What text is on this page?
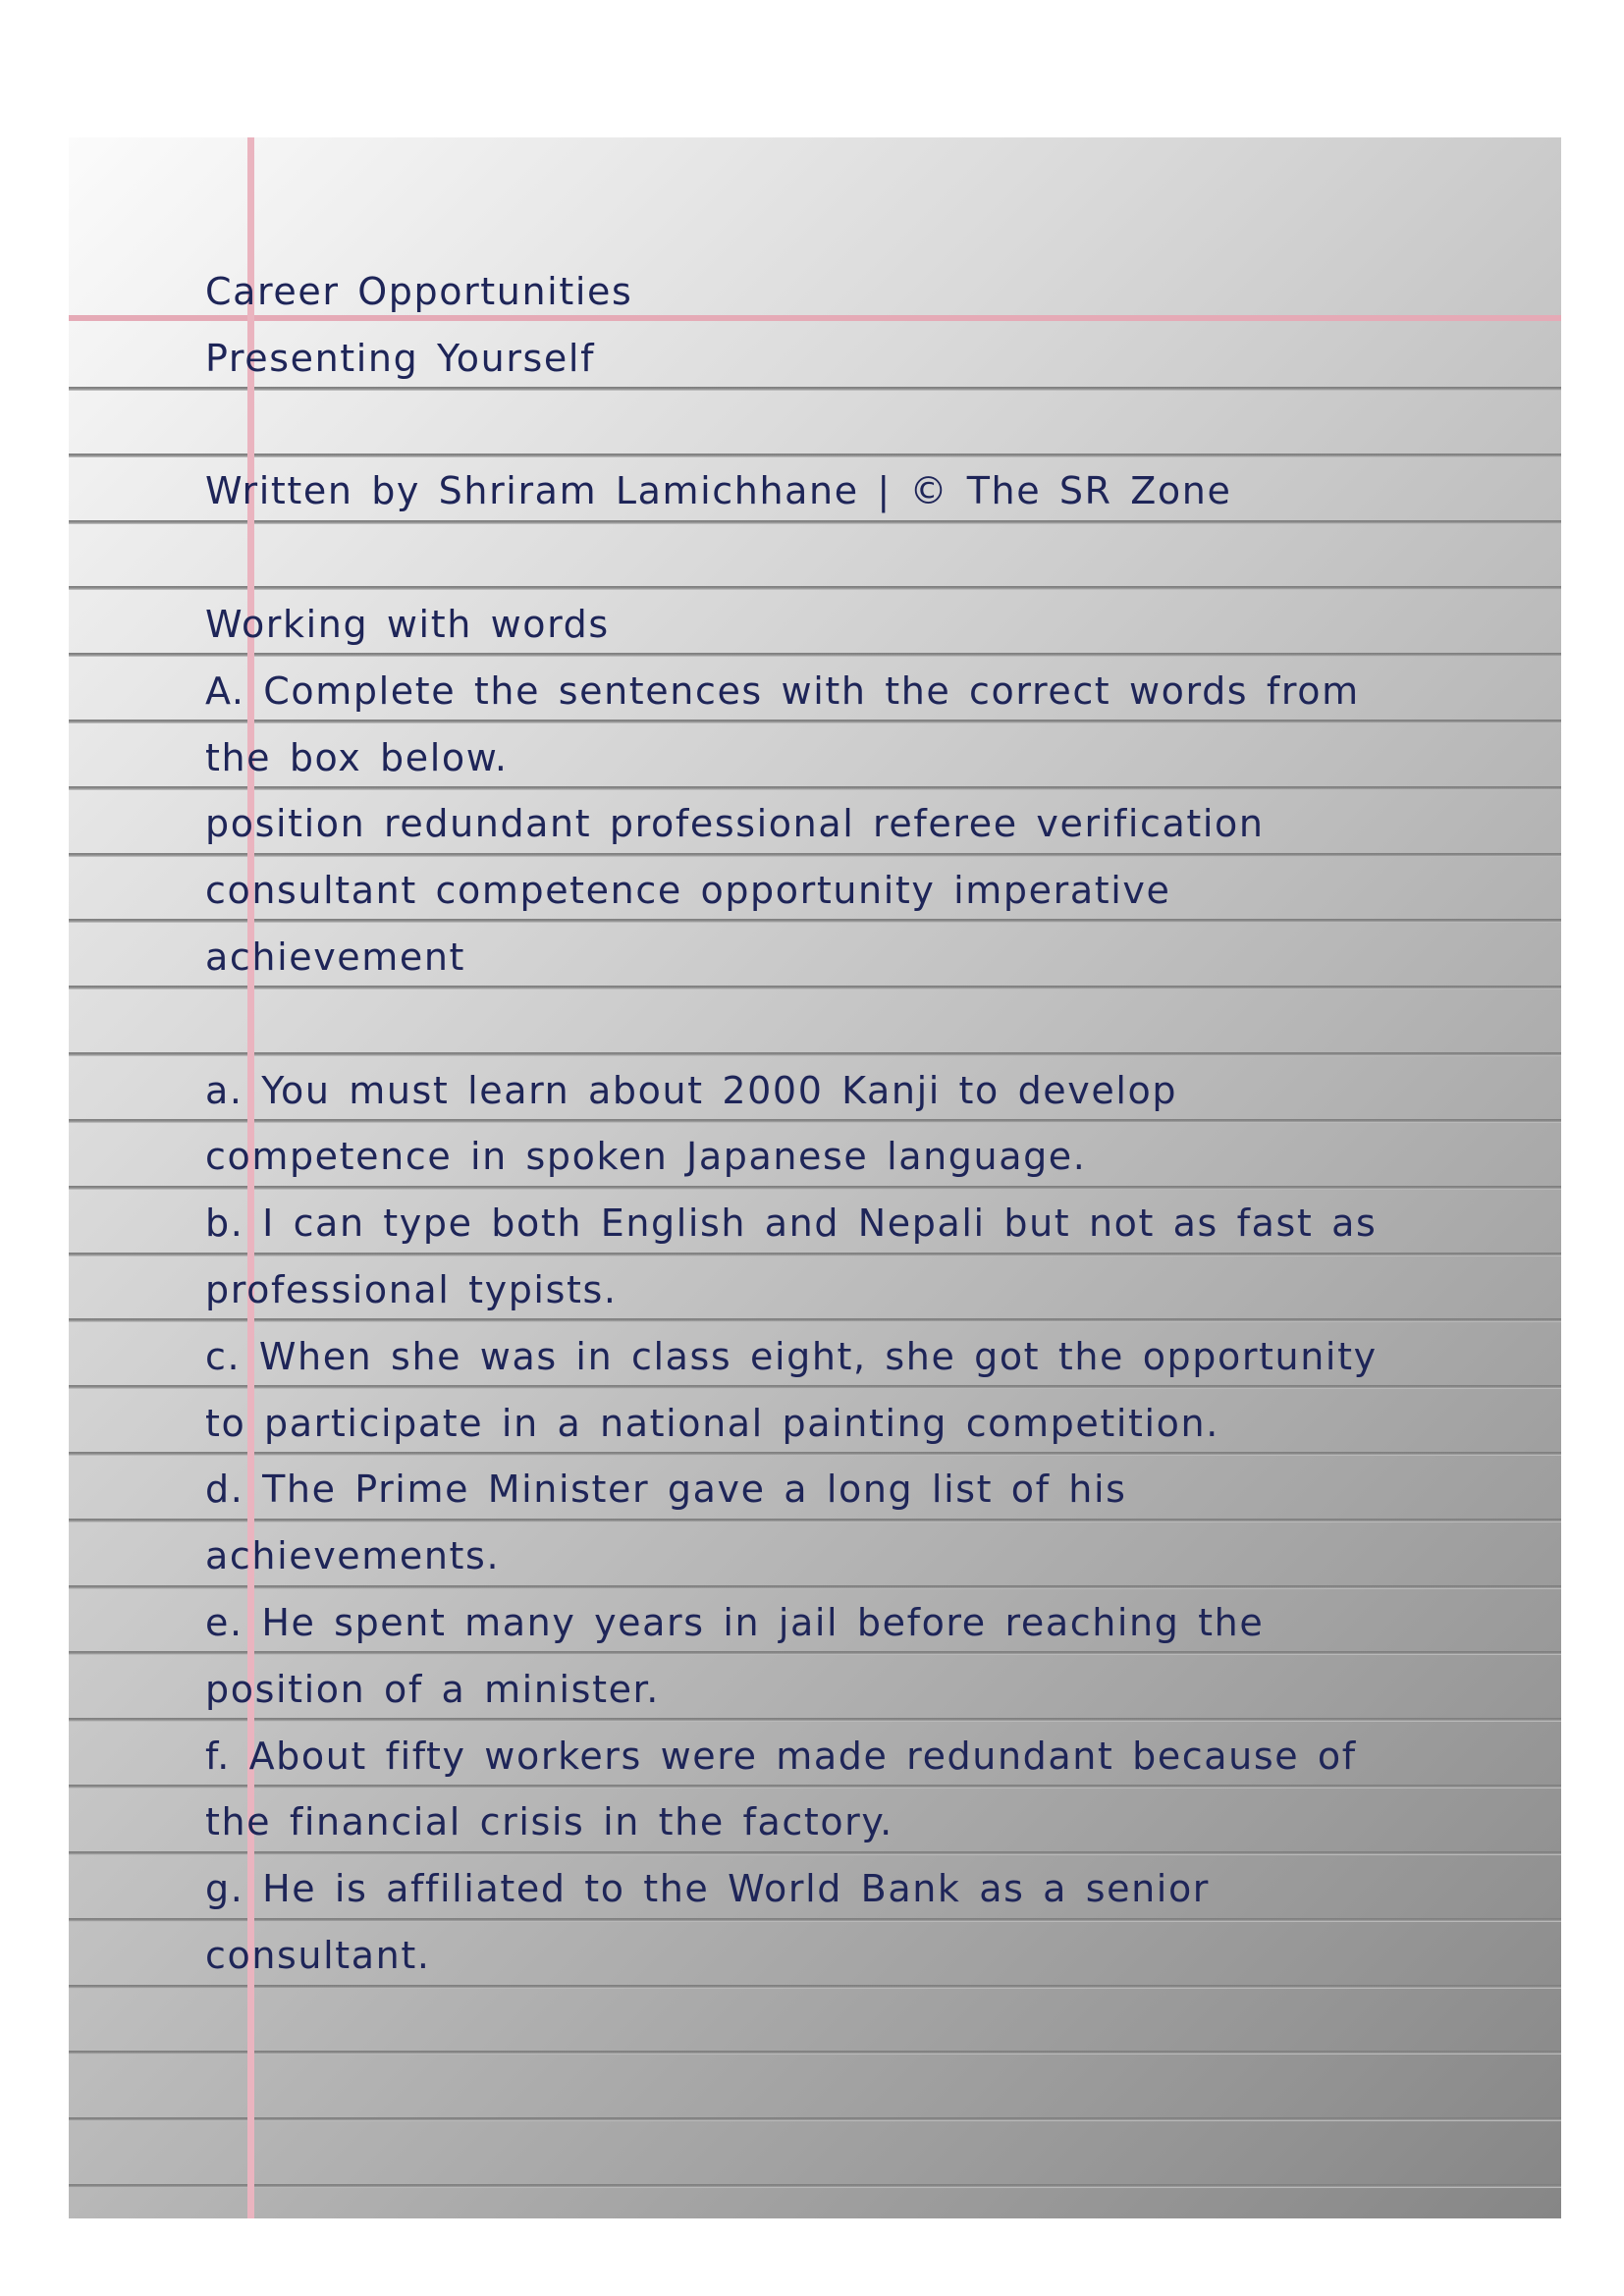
Career Opportunities
Presenting Yourself
Written by Shriram Lamichhane | © The SR Zone
Working with words
A. Complete the sentences with the correct words from
the box below.
position redundant professional referee verification
consultant competence opportunity imperative
achievement
a. You must learn about 2000 Kanji to develop
competence in spoken Japanese language.
b. I can type both English and Nepali but not as fast as
professional typists.
c. When she was in class eight, she got the opportunity
to participate in a national painting competition.
d. The Prime Minister gave a long list of his
achievements.
e. He spent many years in jail before reaching the
position of a minister.
f. About fifty workers were made redundant because of
the financial crisis in the factory.
g. He is affiliated to the World Bank as a senior
consultant.
